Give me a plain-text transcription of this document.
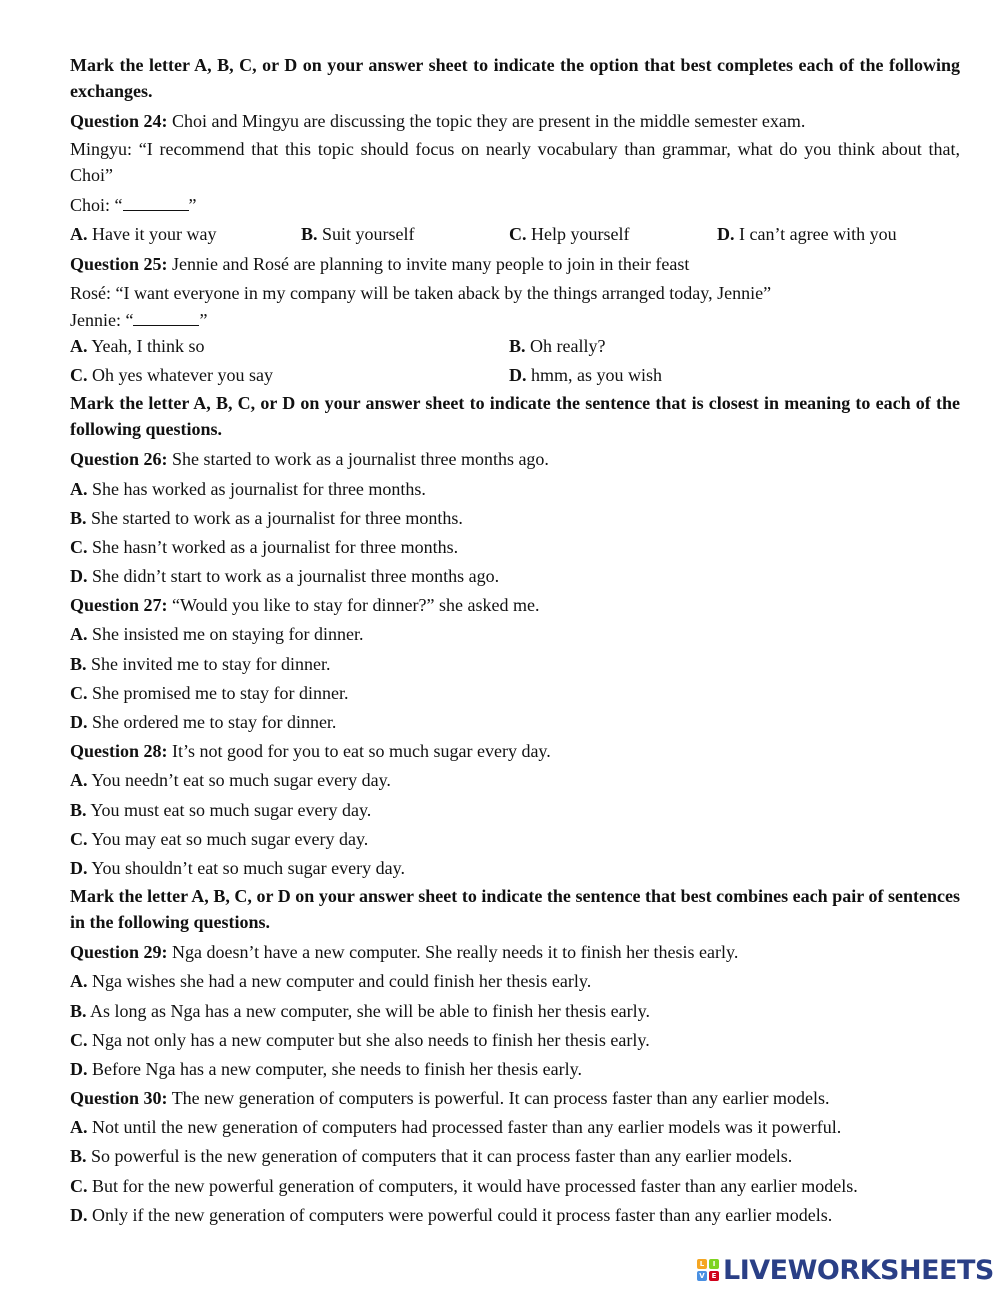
Mark the letter A, B, C, or D on your answer sheet to indicate the option that best completes each of the following exchanges.
Question 24: Choi and Mingyu are discussing the topic they are present in the middle semester exam.
Mingyu: “I recommend that this topic should focus on nearly vocabulary than grammar, what do you think about that, Choi”
Choi: “	”
A. Have it your way	B. Suit yourself	C. Help yourself	D. I can’t agree with you
Question 25: Jennie and Rosé are planning to invite many people to join in their feast
Rosé: “I want everyone in my company will be taken aback by the things arranged today, Jennie”
Jennie: “	”
A. Yeah, I think so	B. Oh really?
C. Oh yes whatever you say	D. hmm, as you wish
Mark the letter A, B, C, or D on your answer sheet to indicate the sentence that is closest in meaning to each of the following questions.
Question 26: She started to work as a journalist three months ago.
A. She has worked as journalist for three months.
B. She started to work as a journalist for three months.
C. She hasn’t worked as a journalist for three months.
D. She didn’t start to work as a journalist three months ago.
Question 27: “Would you like to stay for dinner?” she asked me.
A. She insisted me on staying for dinner.
B. She invited me to stay for dinner.
C. She promised me to stay for dinner.
D. She ordered me to stay for dinner.
Question 28: It’s not good for you to eat so much sugar every day.
A. You needn’t eat so much sugar every day.
B. You must eat so much sugar every day.
C. You may eat so much sugar every day.
D. You shouldn’t eat so much sugar every day.
Mark the letter A, B, C, or D on your answer sheet to indicate the sentence that best combines each pair of sentences in the following questions.
Question 29: Nga doesn’t have a new computer. She really needs it to finish her thesis early.
A. Nga wishes she had a new computer and could finish her thesis early.
B. As long as Nga has a new computer, she will be able to finish her thesis early.
C. Nga not only has a new computer but she also needs to finish her thesis early.
D. Before Nga has a new computer, she needs to finish her thesis early.
Question 30: The new generation of computers is powerful. It can process faster than any earlier models.
A. Not until the new generation of computers had processed faster than any earlier models was it powerful.
B. So powerful is the new generation of computers that it can process faster than any earlier models.
C. But for the new powerful generation of computers, it would have processed faster than any earlier models.
D. Only if the new generation of computers were powerful could it process faster than any earlier models.
L	I
V E LIVEWORKSHEETS
